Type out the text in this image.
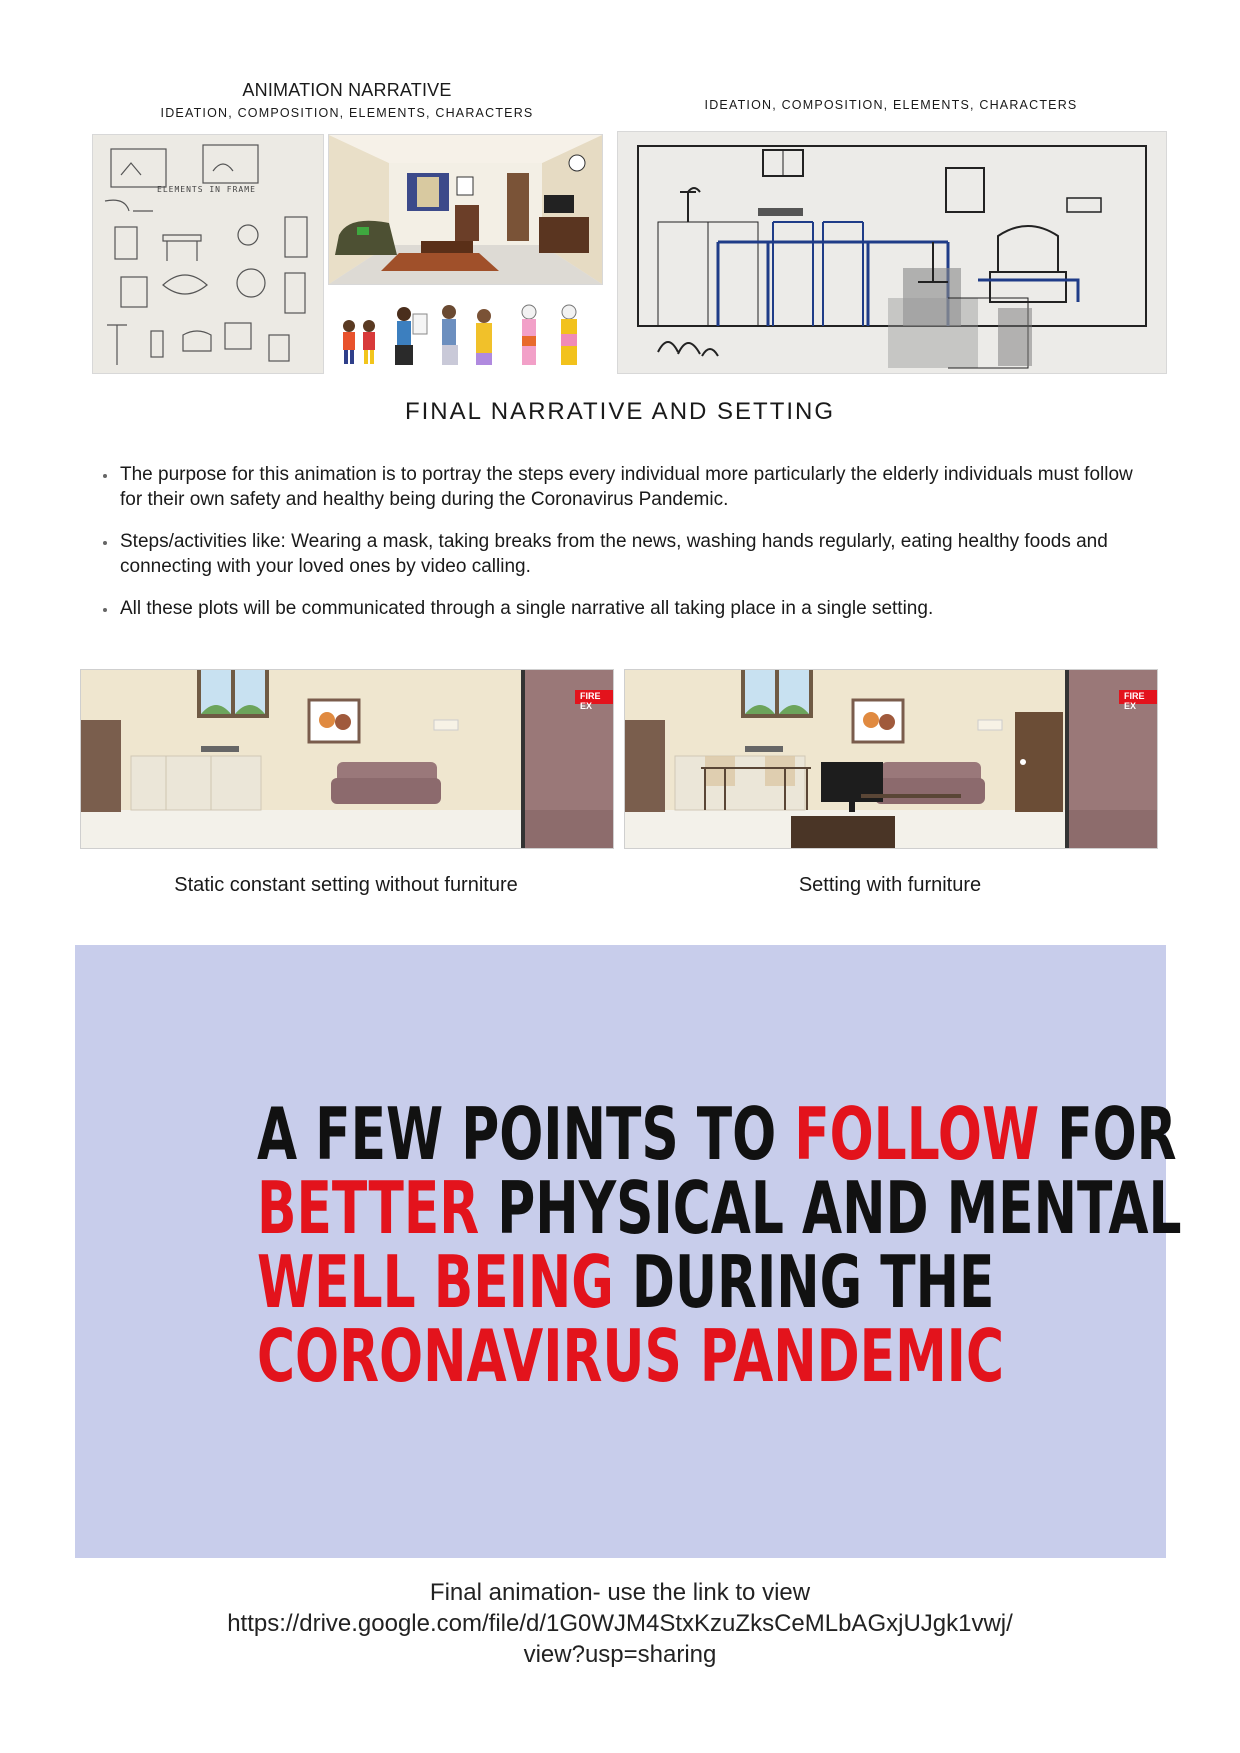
ANIMATION NARRATIVE
IDEATION, COMPOSITION, ELEMENTS, CHARACTERS
IDEATION, COMPOSITION, ELEMENTS, CHARACTERS
ELEMENTS IN FRAME
FINAL NARRATIVE AND SETTING
• The purpose for this animation is to portray the steps every individual more particularly the elderly individuals must follow for their own safety and healthy being during the Coronavirus Pandemic.
• Steps/activities like: Wearing a mask, taking breaks from the news, washing hands regularly, eating healthy foods and connecting with your loved ones by video calling.
• All these plots will be communicated through a single narrative all taking place in a single setting.
FIRE EX
FIRE EX
Static constant setting without furniture	Setting with furniture
A FEW POINTS TO FOLLOW FOR
BETTER PHYSICAL AND MENTAL
WELL BEING DURING THE
CORONAVIRUS PANDEMIC
Final animation- use the link to view
https://drive.google.com/file/d/1G0WJM4StxKzuZksCeMLbAGxjUJgk1vwj/
view?usp=sharing
